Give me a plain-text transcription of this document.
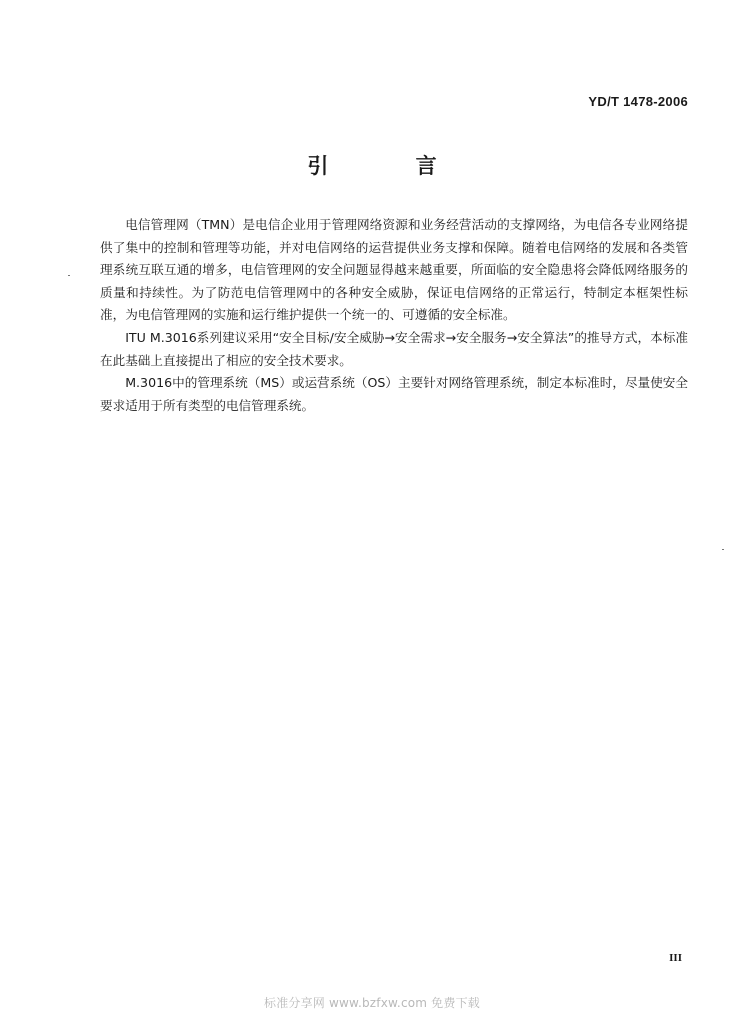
YD/T 1478-2006
引 言

电信管理网（TMN）是电信企业用于管理网络资源和业务经营活动的支撑网络，为电信各专业网络提供了集中的控制和管理等功能，并对电信网络的运营提供业务支撑和保障。随着电信网络的发展和各类管理系统互联互通的增多，电信管理网的安全问题显得越来越重要，所面临的安全隐患将会降低网络服务的质量和持续性。为了防范电信管理网中的各种安全威胁，保证电信网络的正常运行，特制定本框架性标准，为电信管理网的实施和运行维护提供一个统一的、可遵循的安全标准。

ITU M.3016系列建议采用“安全目标/安全威胁→安全需求→安全服务→安全算法”的推导方式，本标准在此基础上直接提出了相应的安全技术要求。

M.3016中的管理系统（MS）或运营系统（OS）主要针对网络管理系统，制定本标准时，尽量使安全要求适用于所有类型的电信管理系统。

III
标准分享网 www.bzfxw.com 免费下载
